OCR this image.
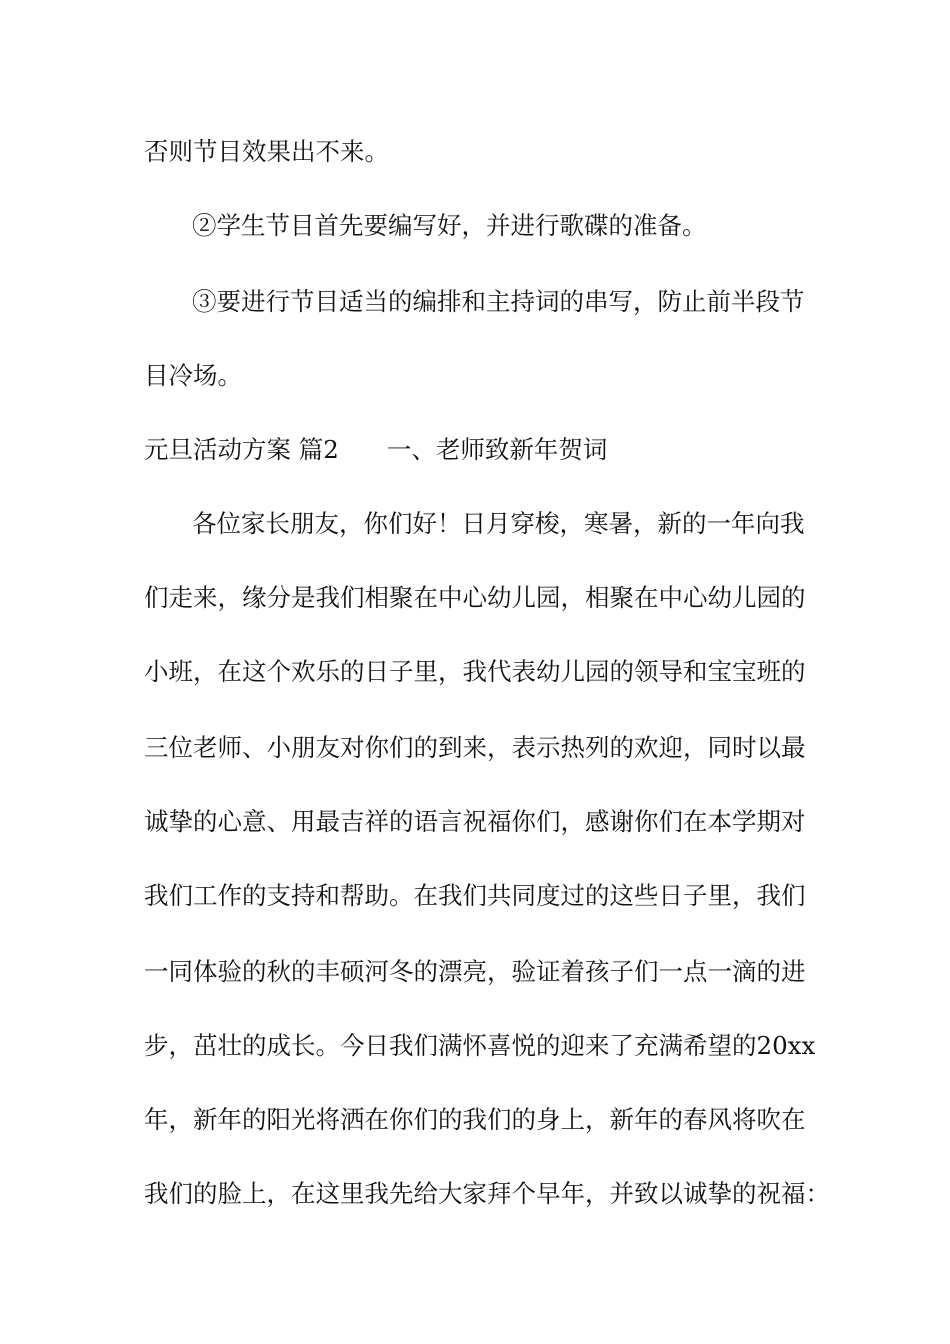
否则节目效果出不来。
②学生节目首先要编写好，并进行歌碟的准备。
③要进行节目适当的编排和主持词的串写，防止前半段节
目冷场。
元旦活动方案 篇2 一、老师致新年贺词
各位家长朋友，你们好！日月穿梭，寒暑，新的一年向我
们走来，缘分是我们相聚在中心幼儿园，相聚在中心幼儿园的
小班，在这个欢乐的日子里，我代表幼儿园的领导和宝宝班的
三位老师、小朋友对你们的到来，表示热列的欢迎，同时以最
诚挚的心意、用最吉祥的语言祝福你们，感谢你们在本学期对
我们工作的支持和帮助。在我们共同度过的这些日子里，我们
一同体验的秋的丰硕河冬的漂亮，验证着孩子们一点一滴的进
步，茁壮的成长。今日我们满怀喜悦的迎来了充满希望的20xx
年，新年的阳光将洒在你们的我们的身上，新年的春风将吹在
我们的脸上，在这里我先给大家拜个早年，并致以诚挚的祝福：
